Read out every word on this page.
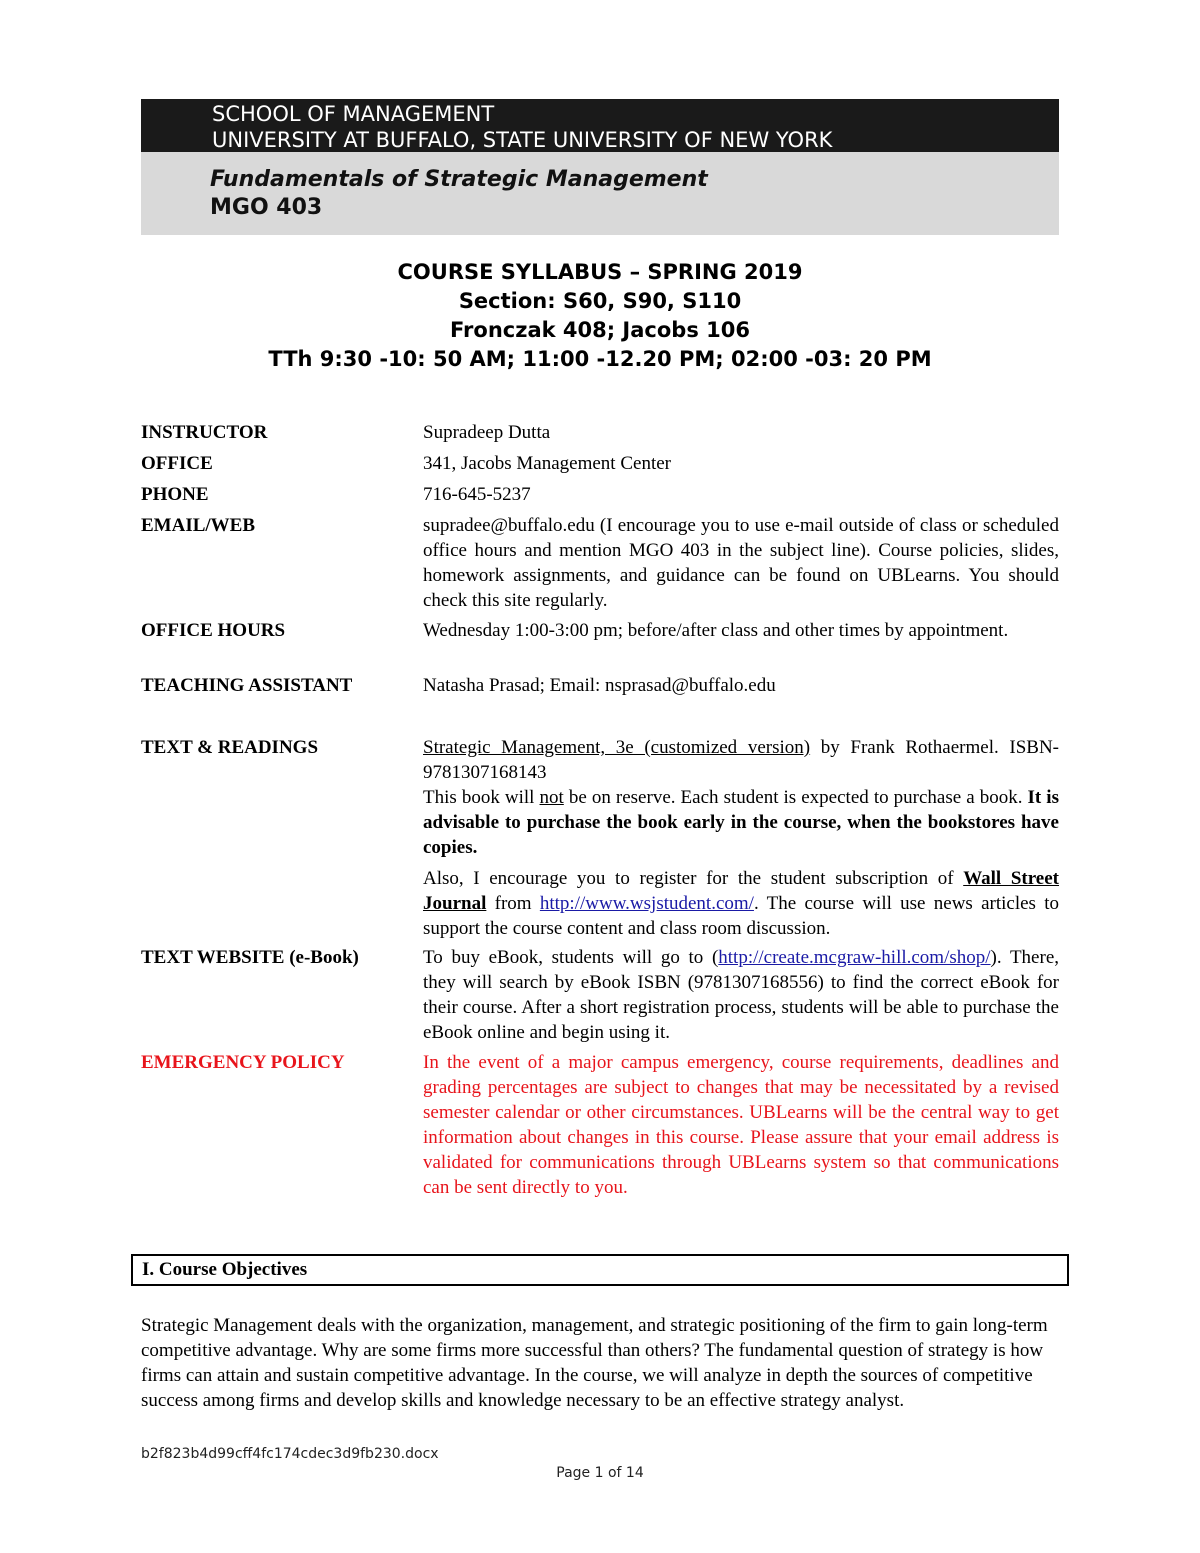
SCHOOL OF MANAGEMENT
UNIVERSITY AT BUFFALO, STATE UNIVERSITY OF NEW YORK
Fundamentals of Strategic Management
MGO 403
COURSE SYLLABUS – SPRING 2019
Section: S60, S90, S110
Fronczak 408; Jacobs 106
TTh 9:30 -10: 50 AM; 11:00 -12.20 PM; 02:00 -03: 20 PM
INSTRUCTOR	Supradeep Dutta
OFFICE	341, Jacobs Management Center
PHONE	716-645-5237
EMAIL/WEB	supradee@buffalo.edu (I encourage you to use e-mail outside of class or scheduled office hours and mention MGO 403 in the subject line). Course policies, slides, homework assignments, and guidance can be found on UBLearns. You should check this site regularly.
OFFICE HOURS	Wednesday 1:00-3:00 pm; before/after class and other times by appointment.
TEACHING ASSISTANT	Natasha Prasad; Email: nsprasad@buffalo.edu
TEXT & READINGS	Strategic Management, 3e (customized version) by Frank Rothaermel. ISBN- 9781307168143

This book will not be on reserve. Each student is expected to purchase a book. It is advisable to purchase the book early in the course, when the bookstores have copies.

Also, I encourage you to register for the student subscription of Wall Street Journal from http://www.wsjstudent.com/. The course will use news articles to support the course content and class room discussion.

TEXT WEBSITE (e-Book)	To buy eBook, students will go to (http://create.mcgraw-hill.com/shop/). There, they will search by eBook ISBN (9781307168556) to find the correct eBook for their course. After a short registration process, students will be able to purchase the eBook online and begin using it.
EMERGENCY POLICY	In the event of a major campus emergency, course requirements, deadlines and grading percentages are subject to changes that may be necessitated by a revised semester calendar or other circumstances. UBLearns will be the central way to get information about changes in this course. Please assure that your email address is validated for communications through UBLearns system so that communications can be sent directly to you.
I. Course Objectives
Strategic Management deals with the organization, management, and strategic positioning of the firm to gain long-term competitive advantage. Why are some firms more successful than others? The fundamental question of strategy is how firms can attain and sustain competitive advantage. In the course, we will analyze in depth the sources of competitive success among firms and develop skills and knowledge necessary to be an effective strategy analyst.
b2f823b4d99cff4fc174cdec3d9fb230.docx
Page 1 of 14
